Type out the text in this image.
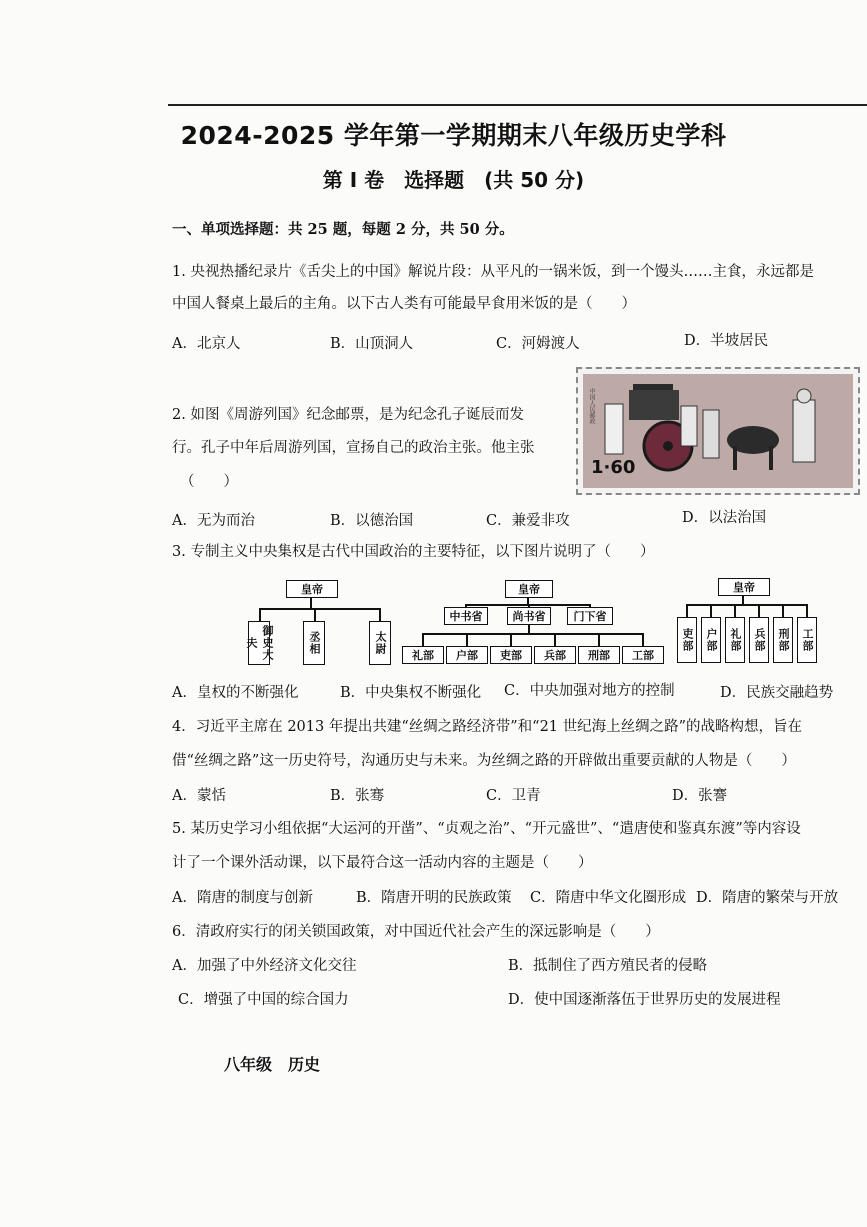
2024-2025 学年第一学期期末八年级历史学科
第 I 卷　选择题　(共 50 分)
一、单项选择题：共 25 题，每题 2 分，共 50 分。
1. 央视热播纪录片《舌尖上的中国》解说片段：从平凡的一锅米饭，到一个馒头……主食，永远都是
中国人餐桌上最后的主角。以下古人类有可能最早食用米饭的是（　　）
A．北京人	B．山顶洞人	C．河姆渡人	D．半坡居民
2. 如图《周游列国》纪念邮票，是为纪念孔子诞辰而发
行。孔子中年后周游列国，宣扬自己的政治主张。他主张
（　　）
中国人民邮政
1·60
A．无为而治	B．以德治国	C．兼爱非攻	D．以法治国
3. 专制主义中央集权是古代中国政治的主要特征，以下图片说明了（　　）
皇帝
御史大夫	丞相	太尉
皇帝
中书省	尚书省	门下省
礼部	户部	吏部	兵部	刑部	工部
皇帝
吏部	户部	礼部	兵部	刑部	工部
A．皇权的不断强化	B．中央集权不断强化 C．中央加强对地方的控制	D．民族交融趋势
4．习近平主席在 2013 年提出共建“丝绸之路经济带”和“21 世纪海上丝绸之路”的战略构想，旨在
借“丝绸之路”这一历史符号，沟通历史与未来。为丝绸之路的开辟做出重要贡献的人物是（　　）
A．蒙恬	B．张骞	C．卫青	D．张謇
5. 某历史学习小组依据“大运河的开凿”、“贞观之治”、“开元盛世”、“遣唐使和鉴真东渡”等内容设
计了一个课外活动课，以下最符合这一活动内容的主题是（　　）
A．隋唐的制度与创新	B．隋唐开明的民族政策 C．隋唐中华文化圈形成 D．隋唐的繁荣与开放
6．清政府实行的闭关锁国政策，对中国近代社会产生的深远影响是（　　）
A．加强了中外经济文化交往	B．抵制住了西方殖民者的侵略
C．增强了中国的综合国力	D．使中国逐渐落伍于世界历史的发展进程
八年级　历史
